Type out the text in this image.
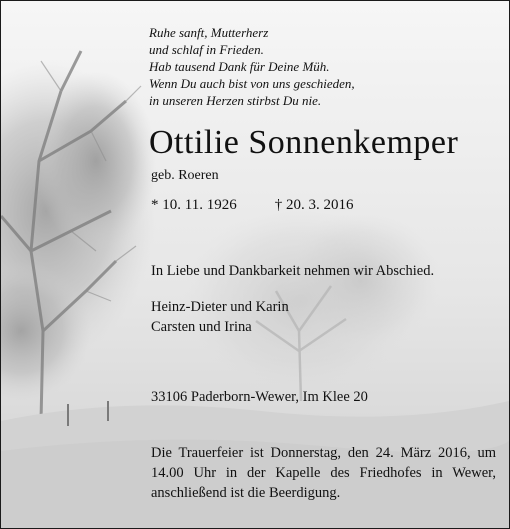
Ruhe sanft, Mutterherz
und schlaf in Frieden.
Hab tausend Dank für Deine Müh.
Wenn Du auch bist von uns geschieden,
in unseren Herzen stirbst Du nie.
Ottilie Sonnenkemper
geb. Roeren
* 10. 11. 1926	† 20. 3. 2016
In Liebe und Dankbarkeit nehmen wir Abschied.
Heinz-Dieter und Karin
Carsten und Irina
33106 Paderborn-Wewer, Im Klee 20
Die Trauerfeier ist Donnerstag, den 24. März 2016, um
14.00 Uhr in der Kapelle des Friedhofes in Wewer,
anschließend ist die Beerdigung.
